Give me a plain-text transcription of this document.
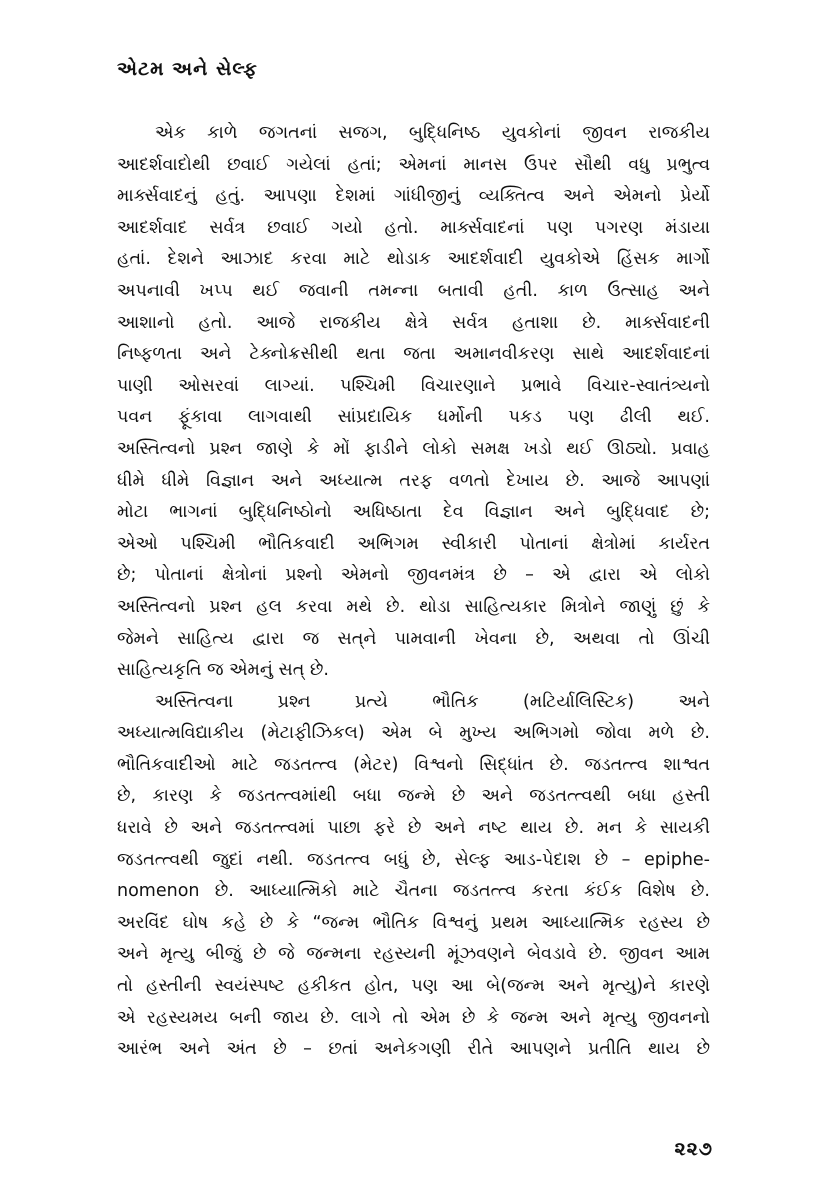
એટમ અને સેલ્ફ
એક કાળે જગતનાં સજગ, બુદ્ધિનિષ્ઠ યુવકોનાં જીવન રાજકીય
આદર્શવાદોથી છવાઈ ગયેલાં હતાં; એમનાં માનસ ઉપર સૌથી વધુ પ્રભુત્વ
માર્ક્સવાદનું હતું. આપણા દેશમાં ગાંધીજીનું વ્યક્તિત્વ અને એમનો પ્રેર્યો
આદર્શવાદ સર્વત્ર છવાઈ ગયો હતો. માર્ક્સવાદનાં પણ પગરણ મંડાયા
હતાં. દેશને આઝાદ કરવા માટે થોડાક આદર્શવાદી યુવકોએ હિંસક માર્ગો
અપનાવી ખપ્પ થઈ જવાની તમન્ના બતાવી હતી. કાળ ઉત્સાહ અને
આશાનો હતો. આજે રાજકીય ક્ષેત્રે સર્વત્ર હતાશા છે. માર્ક્સવાદની
નિષ્ફળતા અને ટેક્નોક્રસીથી થતા જતા અમાનવીકરણ સાથે આદર્શવાદનાં
પાણી ઓસરવાં લાગ્યાં. પશ્ચિમી વિચારણાને પ્રભાવે વિચાર-સ્વાતંત્ર્યનો
પવન ફૂંકાવા લાગવાથી સાંપ્રદાયિક ધર્મોની પકડ પણ ઢીલી થઈ.
અસ્તિત્વનો પ્રશ્ન જાણે કે મોં ફાડીને લોકો સમક્ષ ખડો થઈ ઊઠ્યો. પ્રવાહ
ધીમે ધીમે વિજ્ઞાન અને અધ્યાત્મ તરફ વળતો દેખાય છે. આજે આપણાં
મોટા ભાગનાં બુદ્ધિનિષ્ઠોનો અધિષ્ઠાતા દેવ વિજ્ઞાન અને બુદ્ધિવાદ છે;
એઓ પશ્ચિમી ભૌતિકવાદી અભિગમ સ્વીકારી પોતાનાં ક્ષેત્રોમાં કાર્યરત
છે; પોતાનાં ક્ષેત્રોનાં પ્રશ્નો એમનો જીવનમંત્ર છે – એ દ્વારા એ લોકો
અસ્તિત્વનો પ્રશ્ન હલ કરવા મથે છે. થોડા સાહિત્યકાર મિત્રોને જાણું છું કે
જેમને સાહિત્ય દ્વારા જ સત્‌ને પામવાની ખેવના છે, અથવા તો ઊંચી
સાહિત્યકૃતિ જ એમનું સત્‌ છે.
અસ્તિત્વના પ્રશ્ન પ્રત્યે ભૌતિક (મટિર્યાલિસ્ટિક) અને
અધ્યાત્મવિદ્યાકીય (મેટાફીઝિકલ) એમ બે મુખ્ય અભિગમો જોવા મળે છે.
ભૌતિકવાદીઓ માટે જડતત્ત્વ (મેટર) વિશ્વનો સિદ્ધાંત છે. જડતત્ત્વ શાશ્વત
છે, કારણ કે જડતત્ત્વમાંથી બધા જન્મે છે અને જડતત્ત્વથી બધા હસ્તી
ધરાવે છે અને જડતત્ત્વમાં પાછા ફરે છે અને નષ્ટ થાય છે. મન કે સાયકી
જડતત્ત્વથી જુદાં નથી. જડતત્ત્વ બધું છે, સેલ્ફ આડ-પેદાશ છે – epiphe-
nomenon છે. આધ્યાત્મિકો માટે ચૈતના જડતત્ત્વ કરતા કંઈક વિશેષ છે.
અરવિંદ ઘોષ કહે છે કે “જન્મ ભૌતિક વિશ્વનું પ્રથમ આધ્યાત્મિક રહસ્ય છે
અને મૃત્યુ બીજું છે જે જન્મના રહસ્યની મૂંઝવણને બેવડાવે છે. જીવન આમ
તો હસ્તીની સ્વયંસ્પષ્ટ હકીકત હોત, પણ આ બે(જન્મ અને મૃત્યુ)ને કારણે
એ રહસ્યમય બની જાય છે. લાગે તો એમ છે કે જન્મ અને મૃત્યુ જીવનનો
આરંભ અને અંત છે – છતાં અનેકગણી રીતે આપણને પ્રતીતિ થાય છે
૨૨૭
